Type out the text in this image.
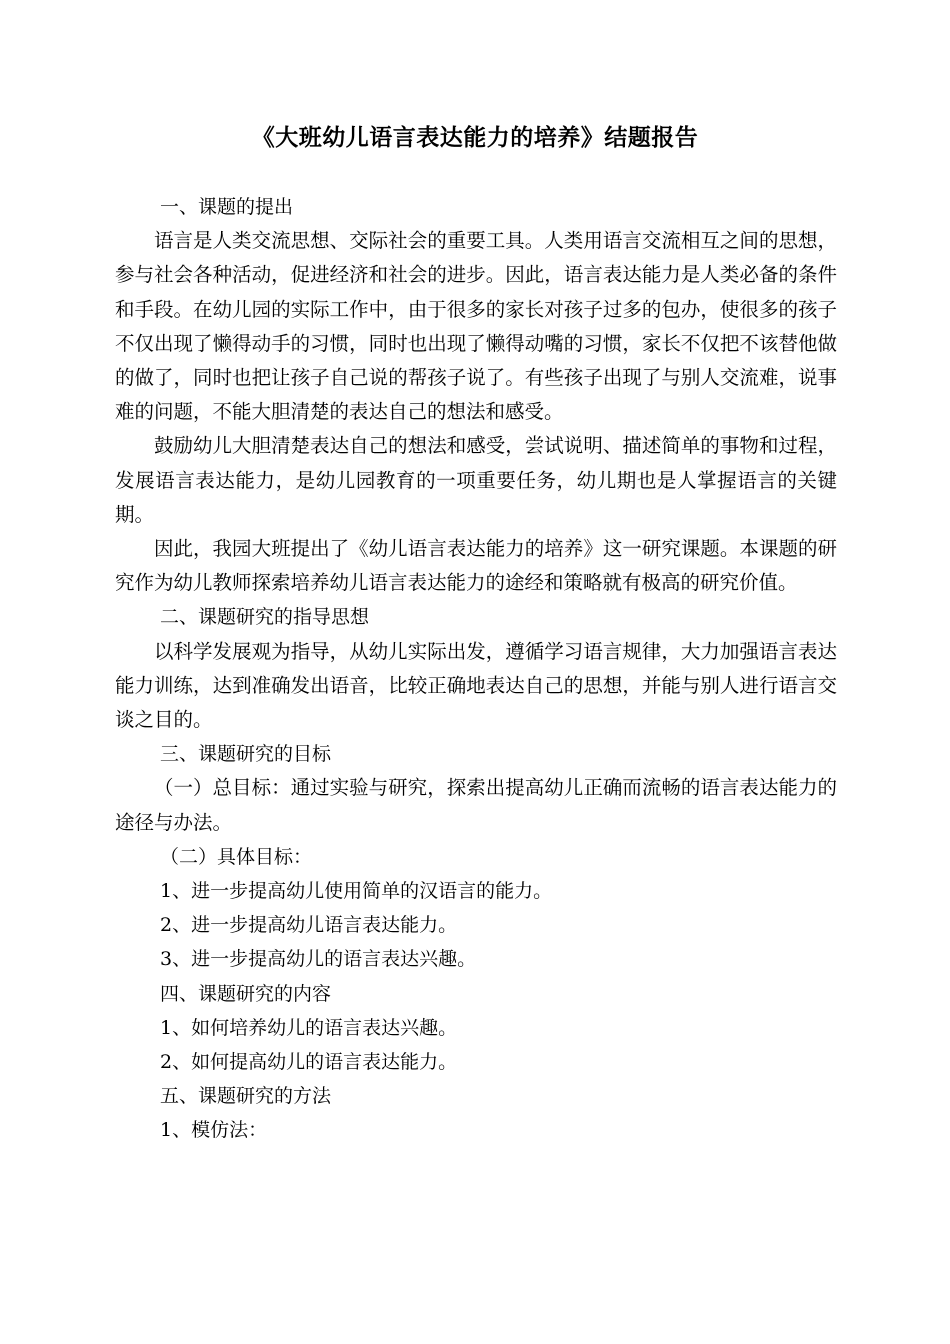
《大班幼儿语言表达能力的培养》结题报告

一、课题的提出

语言是人类交流思想、交际社会的重要工具。人类用语言交流相互之间的思想，参与社会各种活动，促进经济和社会的进步。因此，语言表达能力是人类必备的条件和手段。在幼儿园的实际工作中，由于很多的家长对孩子过多的包办，使很多的孩子不仅出现了懒得动手的习惯，同时也出现了懒得动嘴的习惯，家长不仅把不该替他做的做了，同时也把让孩子自己说的帮孩子说了。有些孩子出现了与别人交流难，说事难的问题，不能大胆清楚的表达自己的想法和感受。

鼓励幼儿大胆清楚表达自己的想法和感受，尝试说明、描述简单的事物和过程，发展语言表达能力，是幼儿园教育的一项重要任务，幼儿期也是人掌握语言的关键期。

因此，我园大班提出了《幼儿语言表达能力的培养》这一研究课题。本课题的研究作为幼儿教师探索培养幼儿语言表达能力的途经和策略就有极高的研究价值。

二、课题研究的指导思想

以科学发展观为指导，从幼儿实际出发，遵循学习语言规律，大力加强语言表达能力训练，达到准确发出语音，比较正确地表达自己的思想，并能与别人进行语言交谈之目的。

三、课题研究的目标

（一）总目标：通过实验与研究，探索出提高幼儿正确而流畅的语言表达能力的途径与办法。

（二）具体目标：

1、进一步提高幼儿使用简单的汉语言的能力。

2、进一步提高幼儿语言表达能力。

3、进一步提高幼儿的语言表达兴趣。

四、课题研究的内容

1、如何培养幼儿的语言表达兴趣。

2、如何提高幼儿的语言表达能力。

五、课题研究的方法

1、模仿法：
